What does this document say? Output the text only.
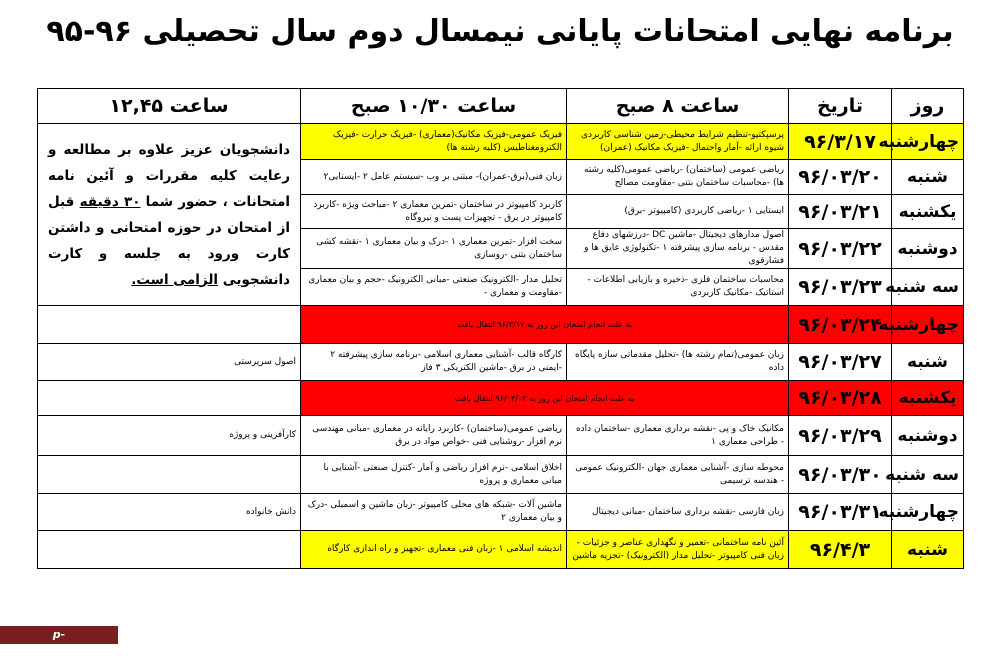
برنامه نهایی امتحانات پایانی نیمسال دوم سال تحصیلی ۹۶-۹۵
روز	تاریخ	ساعت ۸ صبح	ساعت ۱۰/۳۰ صبح	ساعت ۱۲,۴۵
چهارشنبه	۹۶/۳/۱۷	پرسپکتیو-تنظیم شرایط محیطی-زمین شناسی کاربردی شیوه ارائه -آمار واحتمال -فیزیک مکانیک (عمران)	فیزیک عمومی-فیزیک مکانیک(معماری) -فیزیک حرارت -فیزیک الکترومغناطیس (کلیه رشته ها)	دانشجویان عزیز علاوه بر مطالعه و رعایت کلیه مقررات و آئین نامه امتحانات ، حضور شما ۳۰ دقیقه قبل از امتحان در حوزه امتحانی و داشتن کارت ورود به جلسه و کارت دانشجویی الزامی است.
شنبه	۹۶/۰۳/۲۰	ریاضی عمومی (ساختمان) -ریاضی عمومی(کلیه رشته ها) -محاسبات ساختمان بتنی -مقاومت مصالح	زبان فنی(برق-عمران)- مبتنی بر وب -سیستم عامل ۲ -ایستایی۲	
یکشنبه	۹۶/۰۳/۲۱	ایستایی ۱ -ریاضی کاربردی (کامپیوتر -برق)	کاربرد کامپیوتر در ساختمان -تمرین معماری ۲ -مباحث ویژه -کاربرد کامپیوتر در برق - تجهیزات پست و نیروگاه	
دوشنبه	۹۶/۰۳/۲۲	اصول مدارهای دیجیتال -ماشین DC -درزشهای دفاع مقدس - برنامه سازی پیشرفته ۱ -تکنولوژی عایق ها و فشارقوی	سخت افزار -تمرین معماری ۱ -درک و بیان معماری ۱ -نقشه کشی ساختمان بتنی -روسازی	
سه شنبه	۹۶/۰۳/۲۳	محاسبات ساختمان فلزی -ذخیره و بازیابی اطلاعات - استاتیک -مکانیک کاربردی	تحلیل مدار -الکترونیک صنعتی -مبانی الکترونیک -حجم و بیان معماری -مقاومت و معماری -	
چهارشنبه	۹۶/۰۳/۲۴	به علت انجام امتحان این روز به ۹۶/۳/۱۷ انتقال یافت		
شنبه	۹۶/۰۳/۲۷	زبان عمومی(تمام رشته ها) -تحلیل مقدماتی سازه پایگاه داده	کارگاه قالب -آشنایی معماری اسلامی -برنامه سازی پیشرفته ۲ -ایمنی در برق -ماشین الکتریکی ۳ فاز	اصول سرپرستی
یکشنبه	۹۶/۰۳/۲۸	به علت انجام امتحان این روز به ۹۶/۰۴/۰۳ انتقال یافت		
دوشنبه	۹۶/۰۳/۲۹	مکانیک خاک و پی -نقشه برداری معماری -ساختمان داده - طراحی معماری ۱	ریاضی عمومی(ساختمان) -کاربرد رایانه در معماری -مبانی مهندسی نرم افزار -روشنایی فنی -خواص مواد در برق	کارآفرینی و پروژه
سه شنبه	۹۶/۰۳/۳۰	محوطه سازی -آشنایی معماری جهان -الکترونیک عمومی - هندسه ترسیمی	اخلاق اسلامی -نرم افزار ریاضی و آمار -کنترل صنعتی -آشنایی با مبانی معماری و پروژه	
چهارشنبه	۹۶/۰۳/۳۱	زبان فارسی -نقشه برداری ساختمان -مبانی دیجیتال	ماشین آلات -شبکه های محلی کامپیوتر -زبان ماشین و اسمبلی -درک و بیان معماری ۲	دانش خانواده
شنبه	۹۶/۴/۳	آئین نامه ساختمانی -تعمیر و نگهداری عناصر و جزئیات - زبان فنی کامپیوتر -تحلیل مدار (الکترونیک) -تجزیه ماشین	اندیشه اسلامی ۱ -زبان فنی معماری -تجهیز و راه اندازی کارگاه	
p-estahban.nus.ac.ir
